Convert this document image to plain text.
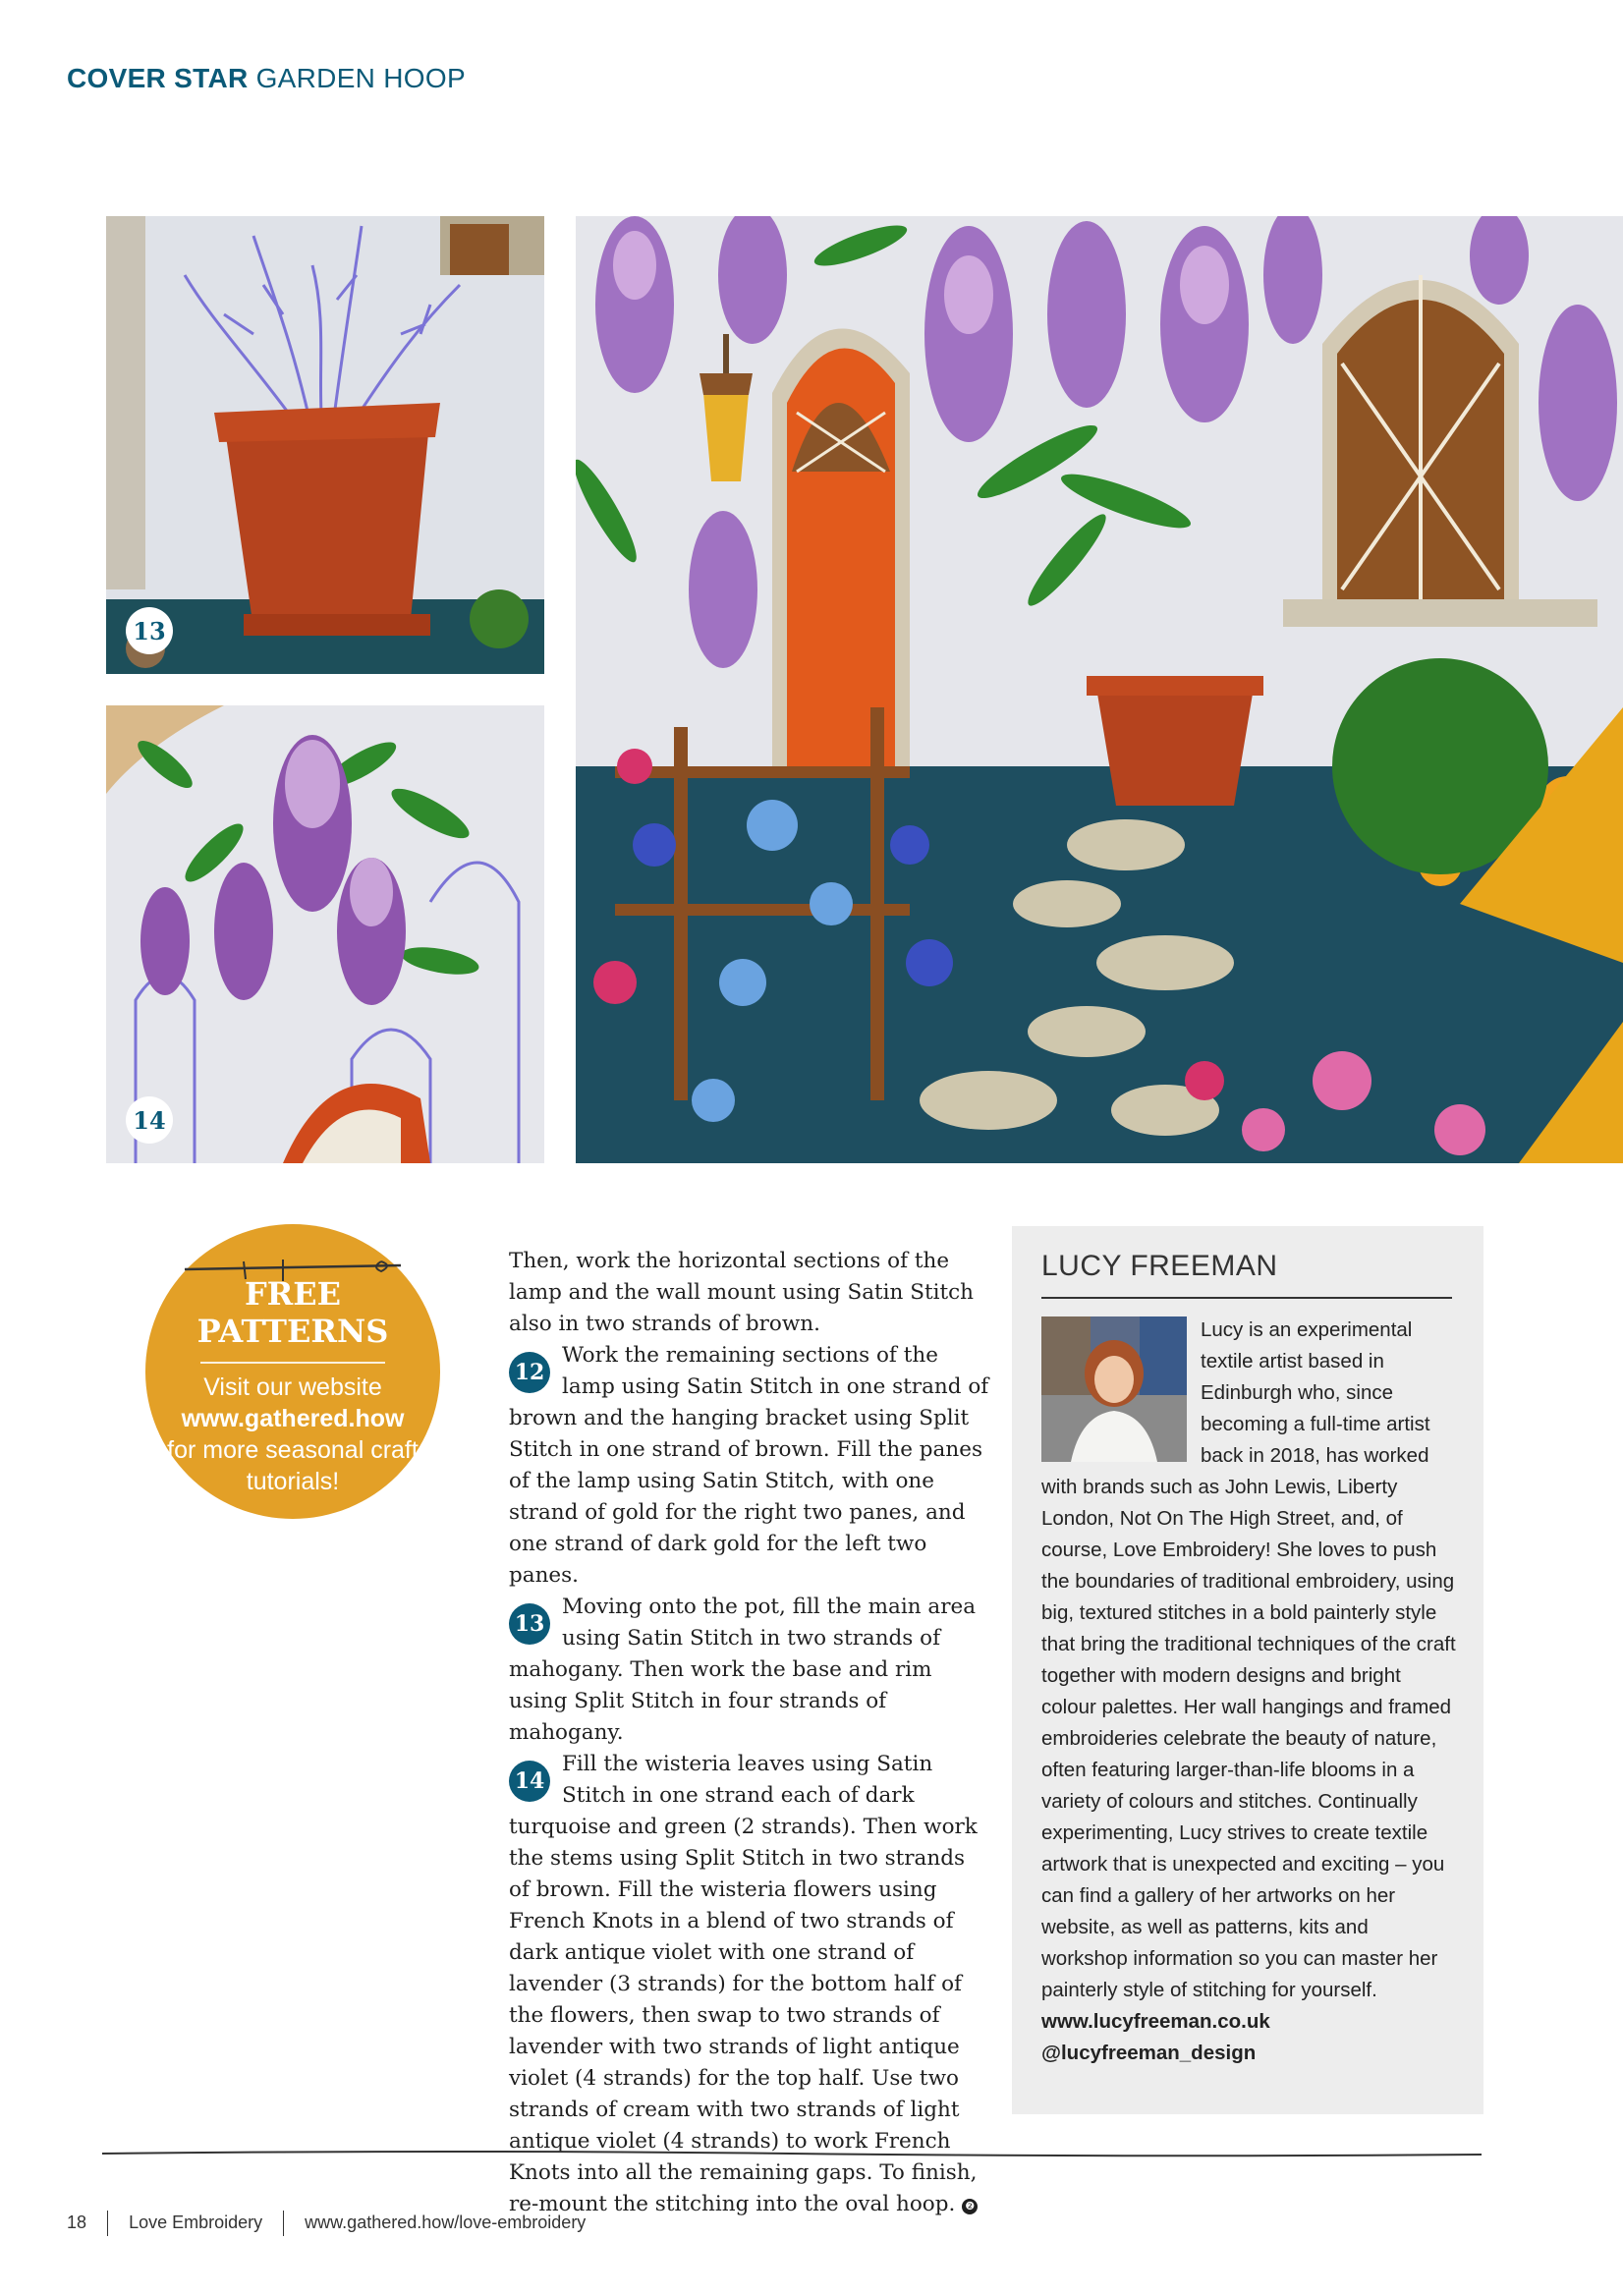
COVER STAR GARDEN HOOP
13
14
FREE
PATTERNS
Visit our website
www.gathered.how
for more seasonal craft tutorials!

Then, work the horizontal sections of the lamp and the wall mount using Satin Stitch also in two strands of brown.

12
Work the remaining sections of the lamp using Satin Stitch in one strand of brown and the hanging bracket using Split Stitch in one strand of brown. Fill the panes of the lamp using Satin Stitch, with one strand of gold for the right two panes, and one strand of dark gold for the left two panes.

13
Moving onto the pot, fill the main area using Satin Stitch in two strands of mahogany. Then work the base and rim using Split Stitch in four strands of mahogany.

14
Fill the wisteria leaves using Satin Stitch in one strand each of dark turquoise and green (2 strands). Then work the stems using Split Stitch in two strands of brown. Fill the wisteria flowers using French Knots in a blend of two strands of dark antique violet with one strand of lavender (3 strands) for the bottom half of the flowers, then swap to two strands of lavender with two strands of light antique violet (4 strands) for the top half. Use two strands of cream with two strands of light antique violet (4 strands) to work French Knots into all the remaining gaps. To finish, re-mount the stitching into the oval hoop. ❷

LUCY FREEMAN
Lucy is an experimental textile artist based in Edinburgh who, since becoming a full-time artist back in 2018, has worked with brands such as John Lewis, Liberty London, Not On The High Street, and, of course, Love Embroidery! She loves to push the boundaries of traditional embroidery, using big, textured stitches in a bold painterly style that bring the traditional techniques of the craft together with modern designs and bright colour palettes. Her wall hangings and framed embroideries celebrate the beauty of nature, often featuring larger-than-life blooms in a variety of colours and stitches. Continually experimenting, Lucy strives to create textile artwork that is unexpected and exciting – you can find a gallery of her artworks on her website, as well as patterns, kits and workshop information so you can master her painterly style of stitching for yourself.
www.lucyfreeman.co.uk
@lucyfreeman_design
18 Love Embroidery www.gathered.how/love-embroidery
